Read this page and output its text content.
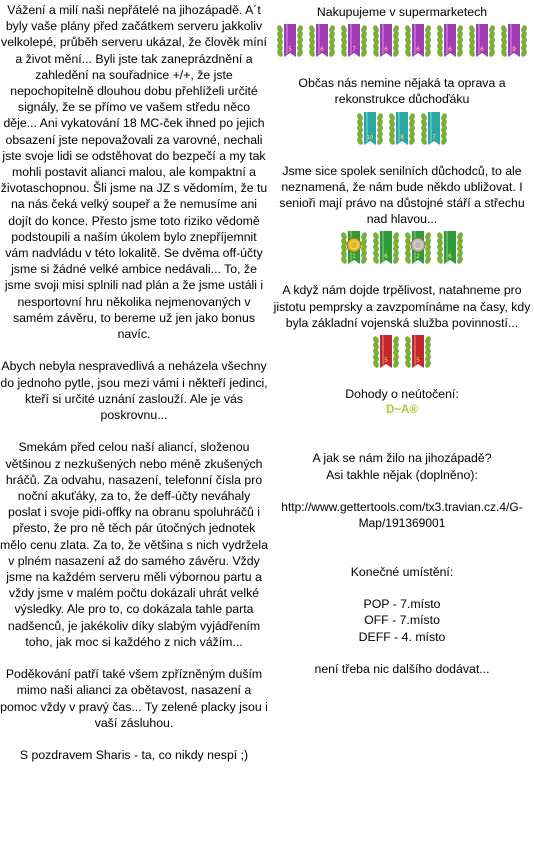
Vážení a milí naši nepřátelé na jihozápadě. A´t byly vaše plány před začátkem serveru jakkoliv velkolepé, průběh serveru ukázal, že člověk míní a život mění... Byli jste tak zaneprázdnění a zahledění na souřadnice +/+, že jste nepochopitelně dlouhou dobu přehlíželi určité signály, že se přímo ve vašem středu něco děje... Ani vykatování 18 MC-ček ihned po jejich obsazení jste nepovažovali za varovné, nechali jste svoje lidi se odstěhovat do bezpečí a my tak mohli postavit alianci malou, ale kompaktní a životaschopnou. Šli jsme na JZ s vědomím, že tu na nás čeká velký soupeř a že nemusíme ani dojít do konce. Přesto jsme toto riziko vědomě podstoupili a naším úkolem bylo znepříjemnit vám nadvládu v této lokalitě. Se dvěma off-účty jsme si žádné velké ambice nedávali... To, že jsme svoji misi splnili nad plán a že jsme ustáli i nesportovní hru několika nejmenovaných v samém závěru, to bereme už jen jako bonus navíc.

Abych nebyla nespravedlivá a neházela všechny do jednoho pytle, jsou mezi vámi i někteří jedinci, kteří si určité uznání zaslouží. Ale je vás poskrovnu...

Smekám před celou naší aliancí, složenou většinou z nezkušených nebo méně zkušených hráčů. Za odvahu, nasazení, telefonní čísla pro noční akuťáky, za to, že deff-účty neváhaly poslat i svoje pidi-offky na obranu spoluhráčů i přesto, že pro ně těch pár útočných jednotek mělo cenu zlata. Za to, že většina s nich vydržela v plném nasazení až do samého závěru. Vždy jsme na každém serveru měli výbornou partu a vždy jsme v malém počtu dokázali uhrát velké výsledky. Ale pro to, co dokázala tahle parta nadšenců, je jakékoliv díky slabým vyjádřením toho, jak moc si každého z nich vážím...

Poděkování patří také všem zpřízněným duším mimo naši alianci za obětavost, nasazení a pomoc vždy v pravý čas... Ty zelené placky jsou i vaší zásluhou.

S pozdravem Sharis - ta, co nikdy nespí ;)

Nakupujeme v supermarketech

5	6	7	6	6	6	6	9

Občas nás nemine nějaká ta oprava a rekonstrukce důchoďáku

10	8	7

Jsme sice spolek senilních důchodců, to ale neznamená, že nám bude někdo ubližovat. I senioři mají právo na důstojné stáří a střechu nad hlavou...

1	6	2	6

A když nám dojde trpělivost, natahneme pro jistotu pemprsky a zavzpomínáme na časy, kdy byla základní vojenská služba povinností...

5	5

Dohody o neútočení:

D~A®

A jak se nám žilo na jihozápadě?

Asi takhle nějak (doplněno):

http://www.gettertools.com/tx3.travian.cz.4/G-Map/191369001

Konečné umístění:

POP - 7.místo

OFF - 7.místo

DEFF - 4. místo

není třeba nic dalšího dodávat...
